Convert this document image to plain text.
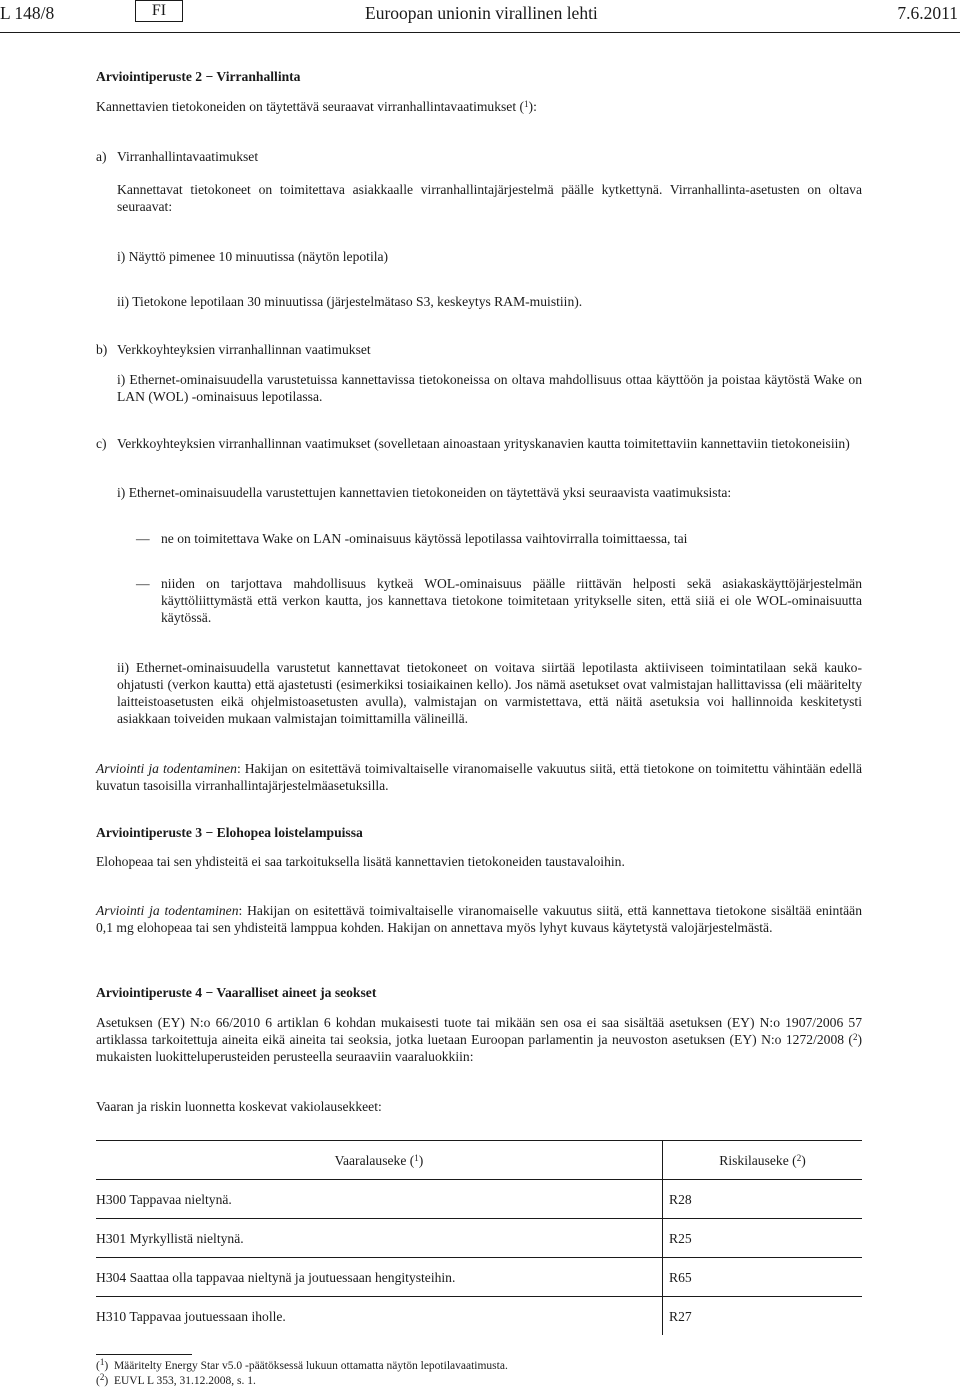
L 148/8	FI	Euroopan unionin virallinen lehti	7.6.2011
Arviointiperuste 2 − Virranhallinta
Kannettavien tietokoneiden on täytettävä seuraavat virranhallintavaatimukset ($^1$):
a) Virranhallintavaatimukset
Kannettavat tietokoneet on toimitettava asiakkaalle virranhallintajärjestelmä päälle kytkettynä. Virranhallinta-asetusten on oltava seuraavat:
i) Näyttö pimenee 10 minuutissa (näytön lepotila)
ii) Tietokone lepotilaan 30 minuutissa (järjestelmätaso S3, keskeytys RAM-muistiin).
b) Verkkoyhteyksien virranhallinnan vaatimukset
i) Ethernet-ominaisuudella varustetuissa kannettavissa tietokoneissa on oltava mahdollisuus ottaa käyttöön ja poistaa käytöstä Wake on LAN (WOL) -ominaisuus lepotilassa.
c) Verkkoyhteyksien virranhallinnan vaatimukset (sovelletaan ainoastaan yrityskanavien kautta toimitettaviin kannettaviin tietokoneisiin)
i) Ethernet-ominaisuudella varustettujen kannettavien tietokoneiden on täytettävä yksi seuraavista vaatimuksista:
— ne on toimitettava Wake on LAN -ominaisuus käytössä lepotilassa vaihtovirralla toimittaessa, tai
— niiden on tarjottava mahdollisuus kytkeä WOL-ominaisuus päälle riittävän helposti sekä asiakaskäyttöjärjestelmän käyttöliittymästä että verkon kautta, jos kannettava tietokone toimitetaan yritykselle siten, että siiä ei ole WOL-ominaisuutta käytössä.
ii) Ethernet-ominaisuudella varustetut kannettavat tietokoneet on voitava siirtää lepotilasta aktiiviseen toimintatilaan sekä kauko-ohjatusti (verkon kautta) että ajastetusti (esimerkiksi tosiaikainen kello). Jos nämä asetukset ovat valmistajan hallittavissa (eli määritelty laitteistoasetusten eikä ohjelmistoasetusten avulla), valmistajan on varmistettava, että näitä asetuksia voi hallinnoida keskitetysti asiakkaan toiveiden mukaan valmistajan toimittamilla välineillä.
Arviointi ja todentaminen: Hakijan on esitettävä toimivaltaiselle viranomaiselle vakuutus siitä, että tietokone on toimitettu vähintään edellä kuvatun tasoisilla virranhallintajärjestelmäasetuksilla.
Arviointiperuste 3 − Elohopea loistelampuissa
Elohopeaa tai sen yhdisteitä ei saa tarkoituksella lisätä kannettavien tietokoneiden taustavaloihin.
Arviointi ja todentaminen: Hakijan on esitettävä toimivaltaiselle viranomaiselle vakuutus siitä, että kannettava tietokone sisältää enintään 0,1 mg elohopeaa tai sen yhdisteitä lamppua kohden. Hakijan on annettava myös lyhyt kuvaus käytetystä valojärjestelmästä.
Arviointiperuste 4 − Vaaralliset aineet ja seokset
Asetuksen (EY) N:o 66/2010 6 artiklan 6 kohdan mukaisesti tuote tai mikään sen osa ei saa sisältää asetuksen (EY) N:o 1907/2006 57 artiklassa tarkoitettuja aineita eikä aineita tai seoksia, jotka luetaan Euroopan parlamentin ja neuvoston asetuksen (EY) N:o 1272/2008 ($^2$) mukaisten luokitteluperusteiden perusteella seuraaviin vaaraluokkiin:
Vaaran ja riskin luonnetta koskevat vakiolausekkeet:
Vaaralauseke ($^1$)	Riskilauseke ($^2$)
H300 Tappavaa nieltynä.	R28
H301 Myrkyllistä nieltynä.	R25
H304 Saattaa olla tappavaa nieltynä ja joutuessaan hengitysteihin.	R65
H310 Tappavaa joutuessaan iholle.	R27
($^1$)  Määritelty Energy Star v5.0 -päätöksessä lukuun ottamatta näytön lepotilavaatimusta.
($^2$)  EUVL L 353, 31.12.2008, s. 1.
